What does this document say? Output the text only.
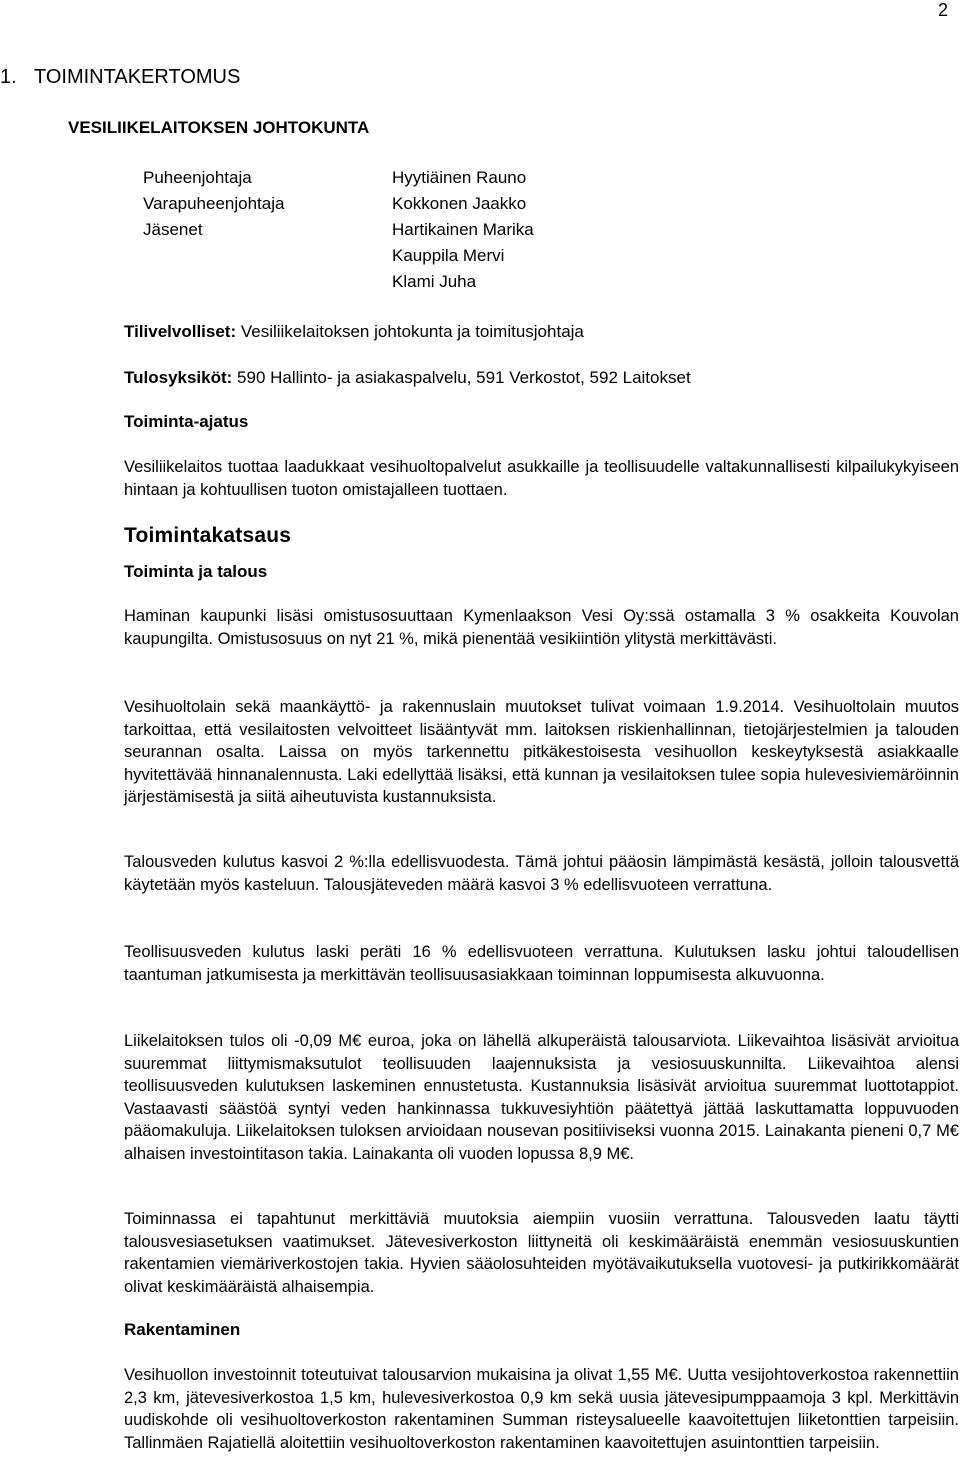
2
1. TOIMINTAKERTOMUS
VESILIIKELAITOKSEN JOHTOKUNTA
Puheenjohtaja
Varapuheenjohtaja
Jäsenet
Hyytiäinen Rauno
Kokkonen Jaakko
Hartikainen Marika
Kauppila Mervi
Klami Juha
Tilivelvolliset: Vesiliikelaitoksen johtokunta ja toimitusjohtaja
Tulosyksiköt: 590 Hallinto- ja asiakaspalvelu, 591 Verkostot, 592 Laitokset
Toiminta-ajatus
Vesiliikelaitos tuottaa laadukkaat vesihuoltopalvelut asukkaille ja teollisuudelle valtakunnallisesti kilpailukykyiseen hintaan ja kohtuullisen tuoton omistajalleen tuottaen.
Toimintakatsaus
Toiminta ja talous
Haminan kaupunki lisäsi omistusosuuttaan Kymenlaakson Vesi Oy:ssä ostamalla 3 % osakkeita Kouvolan kaupungilta. Omistusosuus on nyt 21 %, mikä pienentää vesikiintiön ylitystä merkittävästi.
Vesihuoltolain sekä maankäyttö- ja rakennuslain muutokset tulivat voimaan 1.9.2014. Vesihuoltolain muutos tarkoittaa, että vesilaitosten velvoitteet lisääntyvät mm. laitoksen riskienhallinnan, tietojärjestelmien ja talouden seurannan osalta. Laissa on myös tarkennettu pitkäkestoisesta vesihuollon keskeytyksestä asiakkaalle hyvitettävää hinnanalennusta. Laki edellyttää lisäksi, että kunnan ja vesilaitoksen tulee sopia hulevesiviemäröinnin järjestämisestä ja siitä aiheutuvista kustannuksista.
Talousveden kulutus kasvoi 2 %:lla edellisvuodesta. Tämä johtui pääosin lämpimästä kesästä, jolloin talousvettä käytetään myös kasteluun. Talousjäteveden määrä kasvoi 3 % edellisvuoteen verrattuna.
Teollisuusveden kulutus laski peräti 16 % edellisvuoteen verrattuna. Kulutuksen lasku johtui taloudellisen taantuman jatkumisesta ja merkittävän teollisuusasiakkaan toiminnan loppumisesta alkuvuonna.
Liikelaitoksen tulos oli -0,09 M€ euroa, joka on lähellä alkuperäistä talousarviota. Liikevaihtoa lisäsivät arvioitua suuremmat liittymismaksutulot teollisuuden laajennuksista ja vesiosuuskunnilta. Liikevaihtoa alensi teollisuusveden kulutuksen laskeminen ennustetusta. Kustannuksia lisäsivät arvioitua suuremmat luottotappiot. Vastaavasti säästöä syntyi veden hankinnassa tukkuvesiyhtiön päätettyä jättää laskuttamatta loppuvuoden pääomakuluja. Liikelaitoksen tuloksen arvioidaan nousevan positiiviseksi vuonna 2015. Lainakanta pieneni 0,7 M€ alhaisen investointitason takia. Lainakanta oli vuoden lopussa 8,9 M€.
Toiminnassa ei tapahtunut merkittäviä muutoksia aiempiin vuosiin verrattuna. Talousveden laatu täytti talousvesiasetuksen vaatimukset. Jätevesiverkoston liittyneitä oli keskimääräistä enemmän vesiosuuskuntien rakentamien viemäriverkostojen takia. Hyvien sääolosuhteiden myötävaikutuksella vuotovesi- ja putkirikkomäärät olivat keskimääräistä alhaisempia.
Rakentaminen
Vesihuollon investoinnit toteutuivat talousarvion mukaisina ja olivat 1,55 M€. Uutta vesijohtoverkostoa rakennettiin 2,3 km, jätevesiverkostoa 1,5 km, hulevesiverkostoa 0,9 km sekä uusia jätevesipumppaamoja 3 kpl. Merkittävin uudiskohde oli vesihuoltoverkoston rakentaminen Summan risteysalueelle kaavoitettujen liiketonttien tarpeisiin. Tallinmäen Rajatiellä aloitettiin vesihuoltoverkoston rakentaminen kaavoitettujen asuintonttien tarpeisiin.
